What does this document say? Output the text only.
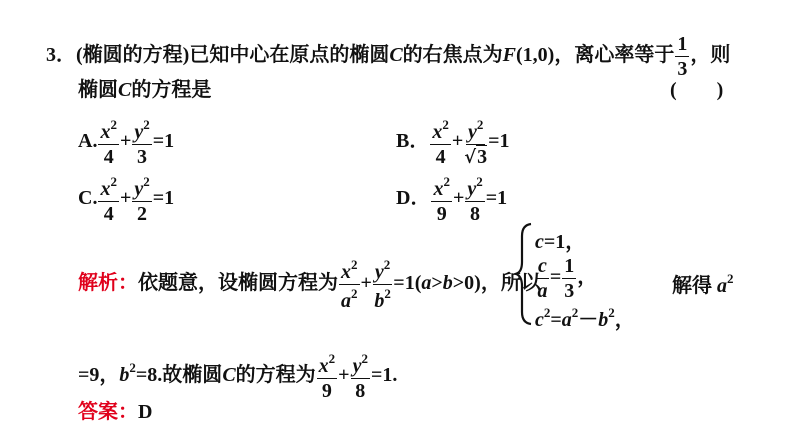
3．(椭圆的方程)已知中心在原点的椭圆C的右焦点为F(1,0)，离心率等于 $\frac{1}{3}$ ，则
椭圆C的方程是	(　　)
A. $\frac{x^2}{4} + \frac{y^2}{3} =1$	B． $\frac{x^2}{4} + \frac{y^2}{√3} =1$
C. $\frac{x^2}{4} + \frac{y^2}{2} =1$	D． $\frac{x^2}{9} + \frac{y^2}{8} =1$
解析：依题意，设椭圆方程为 $\frac{x^2}{a^2} + \frac{y^2}{b^2} =1(a>b>0)$，所以
c=1，
$\frac{c}{a} = \frac{1}{3}$ ，
$c^2=a^2-b^2$，
解得 $a^2$
=9，$b^2=8$.故椭圆C的方程为 $\frac{x^2}{9} + \frac{y^2}{8} =1$.
答案：D
